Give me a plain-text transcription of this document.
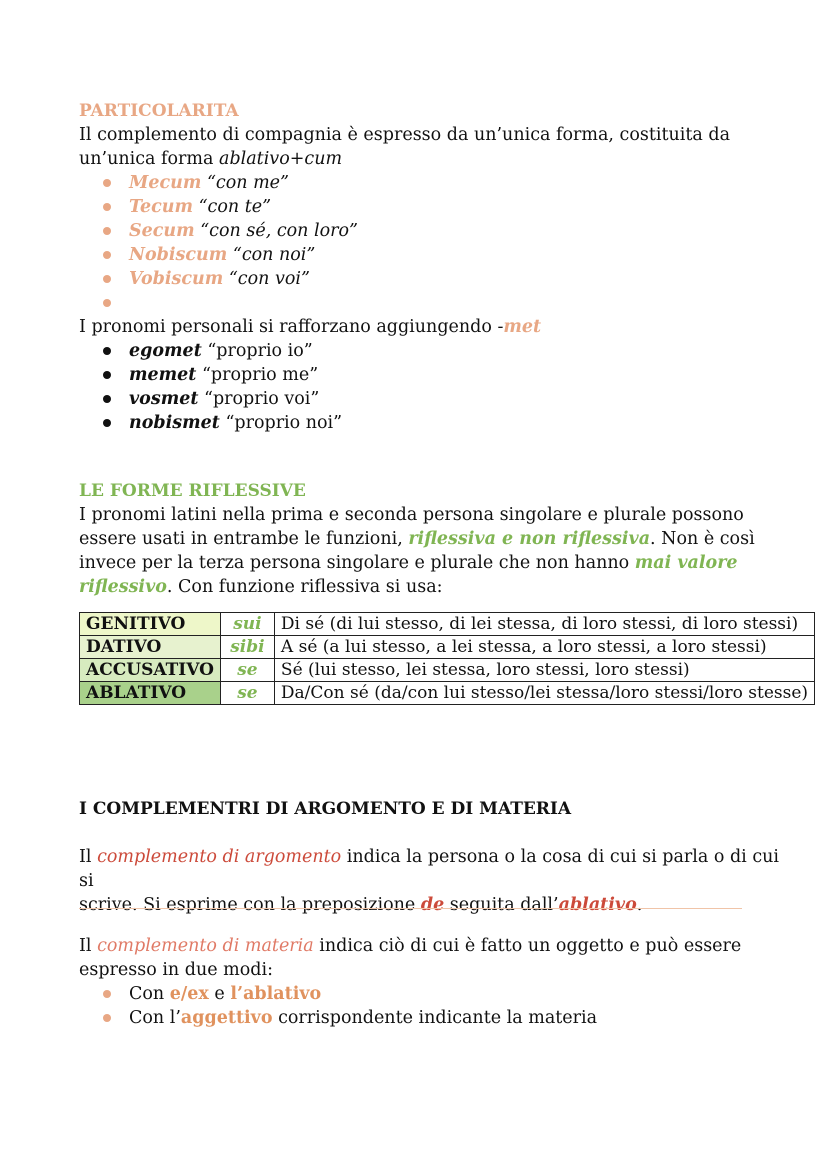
PARTICOLARITA

Il complemento di compagnia è espresso da un’unica forma, costituita da

un’unica forma ablativo+cum

Mecum “con me”
Tecum “con te”
Secum “con sé, con loro”
Nobiscum “con noi”
Vobiscum “con voi”

I pronomi personali si rafforzano aggiungendo -met

egomet “proprio io”
memet “proprio me”
vosmet “proprio voi”
nobismet “proprio noi”

LE FORME RIFLESSIVE

I pronomi latini nella prima e seconda persona singolare e plurale possono

essere usati in entrambe le funzioni, riflessiva e non riflessiva. Non è così

invece per la terza persona singolare e plurale che non hanno mai valore

riflessivo. Con funzione riflessiva si usa:

GENITIVO	sui	Di sé (di lui stesso, di lei stessa, di loro stessi, di loro stessi)
DATIVO	sibi	A sé (a lui stesso, a lei stessa, a loro stessi, a loro stessi)
ACCUSATIVO	se	Sé (lui stesso, lei stessa, loro stessi, loro stessi)
ABLATIVO	se	Da/Con sé (da/con lui stesso/lei stessa/loro stessi/loro stesse)

I COMPLEMENTRI DI ARGOMENTO E DI MATERIA

Il complemento di argomento indica la persona o la cosa di cui si parla o di cui si

scrive. Si esprime con la preposizione de seguita dall’ablativo.

Il complemento di materia indica ciò di cui è fatto un oggetto e può essere

espresso in due modi:

Con e/ex e l’ablativo
Con l’aggettivo corrispondente indicante la materia
